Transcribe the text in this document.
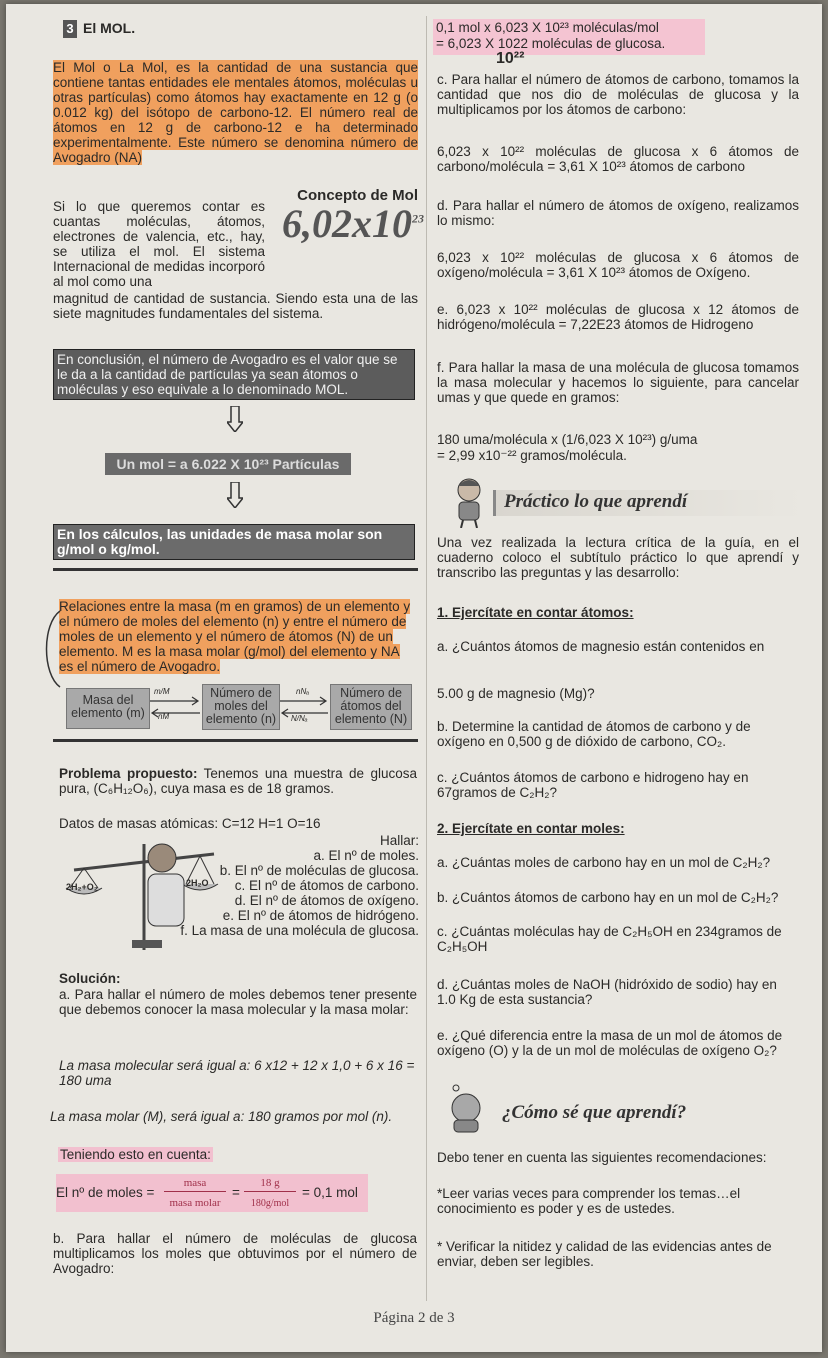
3 El MOL.
El Mol o La Mol, es la cantidad de una sustancia que contiene tantas entidades ele mentales átomos, moléculas u otras partículas) como átomos hay exactamente en 12 g (o 0.012 kg) del isótopo de carbono-12. El número real de átomos en 12 g de carbono-12 e ha determinado experimentalmente. Este número se denomina número de Avogadro (NA)
Si lo que queremos contar es cuantas moléculas, átomos, electrones de valencia, etc., hay, se utiliza el mol. El sistema Internacional de medidas incorporó al mol como una
Concepto de Mol
$6,02x10^{23}$
magnitud de cantidad de sustancia. Siendo esta una de las siete magnitudes fundamentales del sistema.
En conclusión, el número de Avogadro es el valor que se le da a la cantidad de partículas ya sean átomos o moléculas y eso equivale a lo denominado MOL.
Un mol = a 6.022 X 10²³ Partículas
En los cálculos, las unidades de masa molar son g/mol o kg/mol.
Relaciones entre la masa (m en gramos) de un elemento y el número de moles del elemento (n) y entre el número de moles de un elemento y el número de átomos (N) de un elemento. M es la masa molar (g/mol) del elemento y NA es el número de Avogadro.
Masa del elemento (m)
Número de moles del elemento (n)
Número de átomos del elemento (N)
m/M
nM
nNₐ
N/Nₐ
Problema propuesto: Tenemos una muestra de glucosa pura, (C₆H₁₂O₆), cuya masa es de 18 gramos.
Datos de masas atómicas: C=12 H=1 O=16
Hallar:
a. El nº de moles.
b. El nº de moléculas de glucosa.
c. El nº de átomos de carbono.
d. El nº de átomos de oxígeno.
e. El nº de átomos de hidrógeno.
f. La masa de una molécula de glucosa.
2H₂+O₂	2H₂O
Solución:
a. Para hallar el número de moles debemos tener presente que debemos conocer la masa molecular y la masa molar:
La masa molecular será igual a: 6 x12 + 12 x 1,0 + 6 x 16 = 180 uma
La masa molar (M), será igual a: 180 gramos por mol (n).
Teniendo esto en cuenta:
El nº de moles =
masa
masa molar
=
18 g
180g/mol
= 0,1 mol
b. Para hallar el número de moléculas de glucosa multiplicamos los moles que obtuvimos por el número de Avogadro:
0,1 mol x 6,023 X 10²³ moléculas/mol
= 6,023 X 1022 moléculas de glucosa.
10²²
c. Para hallar el número de átomos de carbono, tomamos la cantidad que nos dio de moléculas de glucosa y la multiplicamos por los átomos de carbono:
6,023 x 10²² moléculas de glucosa x 6 átomos de carbono/molécula = 3,61 X 10²³ átomos de carbono
d. Para hallar el número de átomos de oxígeno, realizamos lo mismo:
6,023 x 10²² moléculas de glucosa x 6 átomos de oxígeno/molécula = 3,61 X 10²³ átomos de Oxígeno.
e. 6,023 x 10²² moléculas de glucosa x 12 átomos de hidrógeno/molécula = 7,22E23 átomos de Hidrogeno
f. Para hallar la masa de una molécula de glucosa tomamos la masa molecular y hacemos lo siguiente, para cancelar umas y que quede en gramos:
180 uma/molécula x (1/6,023 X 10²³) g/uma
= 2,99 x10⁻²² gramos/molécula.
Práctico lo que aprendí
Una vez realizada la lectura crítica de la guía, en el cuaderno coloco el subtítulo práctico lo que aprendí y transcribo las preguntas y las desarrollo:
1. Ejercítate en contar átomos:
a. ¿Cuántos átomos de magnesio están contenidos en
5.00 g de magnesio (Mg)?
b. Determine la cantidad de átomos de carbono y de oxígeno en 0,500 g de dióxido de carbono, CO₂.
c. ¿Cuántos átomos de carbono e hidrogeno hay en 67gramos de C₂H₂?
2. Ejercítate en contar moles:
a. ¿Cuántas moles de carbono hay en un mol de C₂H₂?
b. ¿Cuántos átomos de carbono hay en un mol de C₂H₂?
c. ¿Cuántas moléculas hay de C₂H₅OH en 234gramos de C₂H₅OH
d. ¿Cuántas moles de NaOH (hidróxido de sodio) hay en 1.0 Kg de esta sustancia?
e. ¿Qué diferencia entre la masa de un mol de átomos de oxígeno (O) y la de un mol de moléculas de oxígeno O₂?
¿Cómo sé que aprendí?
Debo tener en cuenta las siguientes recomendaciones:
*Leer varias veces para comprender los temas…el conocimiento es poder y es de ustedes.
* Verificar la nitidez y calidad de las evidencias antes de enviar, deben ser legibles.
Página 2 de 3
